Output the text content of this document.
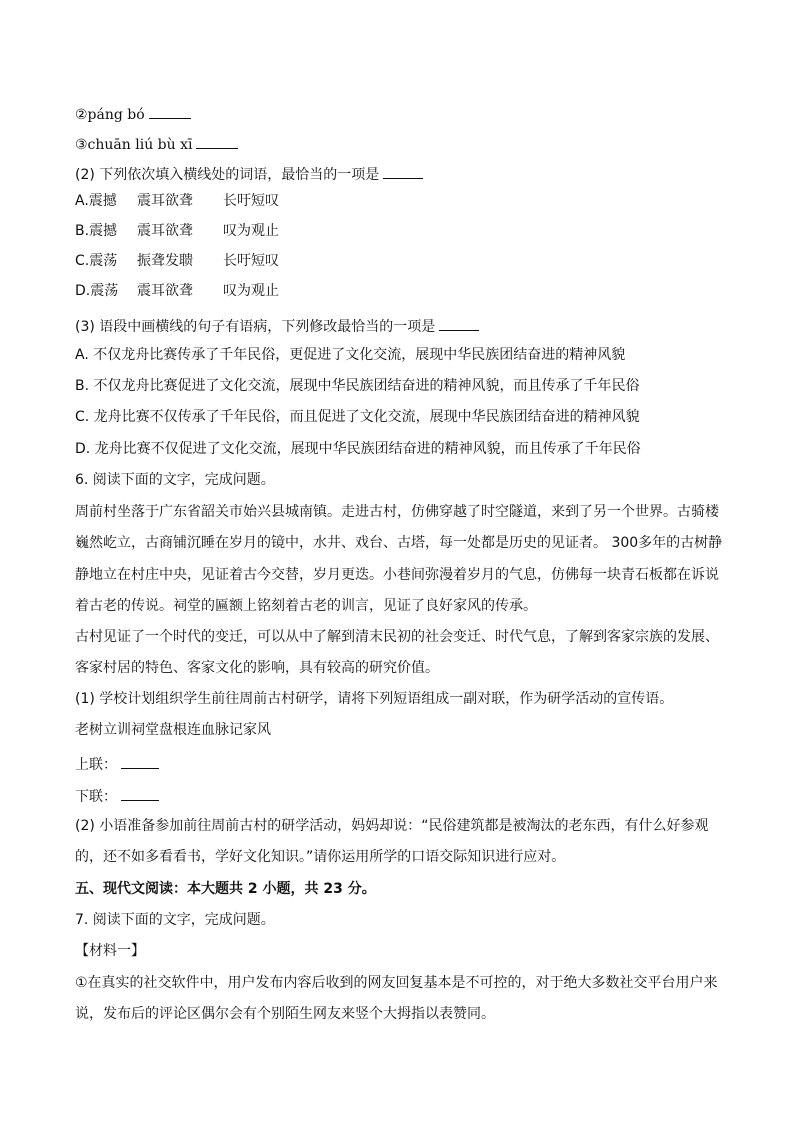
②páng bó
③chuān liú bù xī
(2) 下列依次填入横线处的词语，最恰当的一项是
A.震撼 震耳欲聋 长吁短叹
B.震撼 震耳欲聋 叹为观止
C.震荡 振聋发聩 长吁短叹
D.震荡 震耳欲聋 叹为观止
(3) 语段中画横线的句子有语病，下列修改最恰当的一项是
A. 不仅龙舟比赛传承了千年民俗，更促进了文化交流，展现中华民族团结奋进的精神风貌
B. 不仅龙舟比赛促进了文化交流，展现中华民族团结奋进的精神风貌，而且传承了千年民俗
C. 龙舟比赛不仅传承了千年民俗，而且促进了文化交流，展现中华民族团结奋进的精神风貌
D. 龙舟比赛不仅促进了文化交流，展现中华民族团结奋进的精神风貌，而且传承了千年民俗
6. 阅读下面的文字，完成问题。
周前村坐落于广东省韶关市始兴县城南镇。走进古村，仿佛穿越了时空隧道，来到了另一个世界。古骑楼
巍然屹立，古商铺沉睡在岁月的镜中，水井、戏台、古塔，每一处都是历史的见证者。 300多年的古树静
静地立在村庄中央，见证着古今交替，岁月更迭。小巷间弥漫着岁月的气息，仿佛每一块青石板都在诉说
着古老的传说。祠堂的匾额上铭刻着古老的训言，见证了良好家风的传承。
古村见证了一个时代的变迁，可以从中了解到清末民初的社会变迁、时代气息，了解到客家宗族的发展、
客家村居的特色、客家文化的影响，具有较高的研究价值。
(1) 学校计划组织学生前往周前古村研学，请将下列短语组成一副对联，作为研学活动的宣传语。
老树立训祠堂盘根连血脉记家风
上联：
下联：
(2) 小语准备参加前往周前古村的研学活动，妈妈却说：“民俗建筑都是被淘汰的老东西，有什么好参观
的，还不如多看看书，学好文化知识。”请你运用所学的口语交际知识进行应对。
五、现代文阅读：本大题共 2 小题，共 23 分。
7. 阅读下面的文字，完成问题。
【材料一】
①在真实的社交软件中，用户发布内容后收到的网友回复基本是不可控的，对于绝大多数社交平台用户来
说，发布后的评论区偶尔会有个别陌生网友来竖个大拇指以表赞同。
